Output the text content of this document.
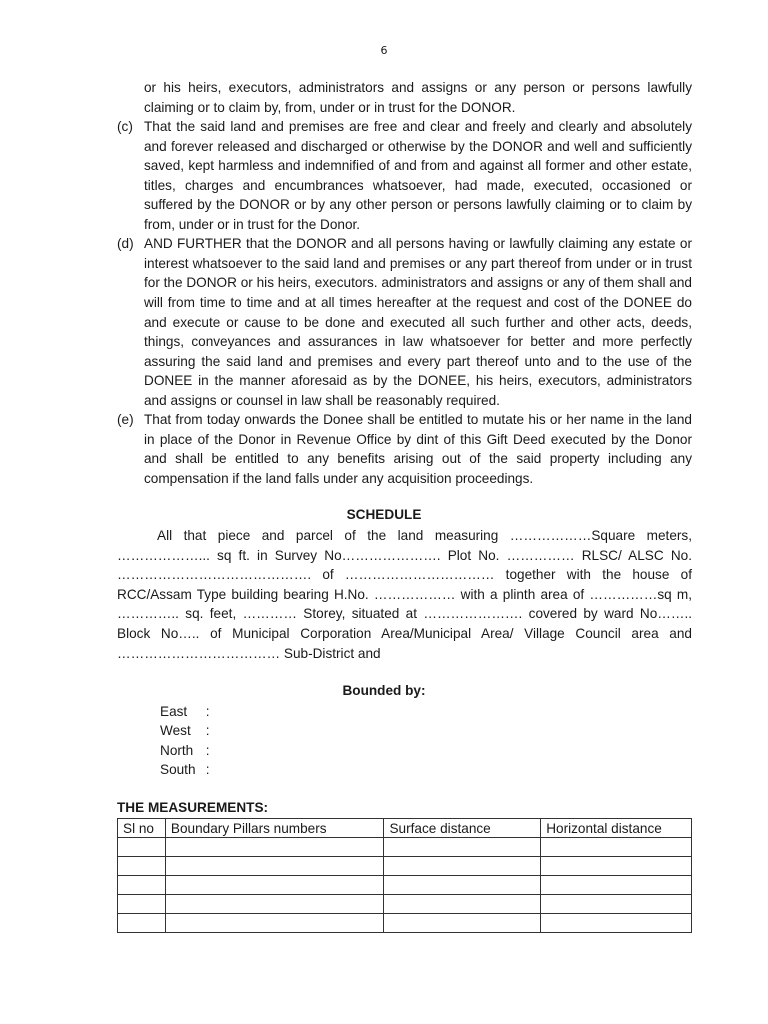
6
or his heirs, executors, administrators and assigns or any person or persons lawfully claiming or to claim by, from, under or in trust for the DONOR.
(c) That the said land and premises are free and clear and freely and clearly and absolutely and forever released and discharged or otherwise by the DONOR and well and sufficiently saved, kept harmless and indemnified of and from and against all former and other estate, titles, charges and encumbrances whatsoever, had made, executed, occasioned or suffered by the DONOR or by any other person or persons lawfully claiming or to claim by from, under or in trust for the Donor.
(d) AND FURTHER that the DONOR and all persons having or lawfully claiming any estate or interest whatsoever to the said land and premises or any part thereof from under or in trust for the DONOR or his heirs, executors. administrators and assigns or any of them shall and will from time to time and at all times hereafter at the request and cost of the DONEE do and execute or cause to be done and executed all such further and other acts, deeds, things, conveyances and assurances in law whatsoever for better and more perfectly assuring the said land and premises and every part thereof unto and to the use of the DONEE in the manner aforesaid as by the DONEE, his heirs, executors, administrators and assigns or counsel in law shall be reasonably required.
(e) That from today onwards the Donee shall be entitled to mutate his or her name in the land in place of the Donor in Revenue Office by dint of this Gift Deed executed by the Donor and shall be entitled to any benefits arising out of the said property including any compensation if the land falls under any acquisition proceedings.
SCHEDULE
All that piece and parcel of the land measuring ………………Square meters, ………………... sq ft. in Survey No…………………. Plot No. …………… RLSC/ ALSC No. ……………………………………. of …………………………… together with the house of RCC/Assam Type building bearing H.No. ……………… with a plinth area of ……………sq m, ………….. sq. feet, ………… Storey, situated at …………………. covered by ward No…….. Block No….. of Municipal Corporation Area/Municipal Area/ Village Council area and ……………………………… Sub-District and
Bounded by:
East :
West :
North :
South :
THE MEASUREMENTS:
Sl no	Boundary Pillars numbers	Surface distance	Horizontal distance
